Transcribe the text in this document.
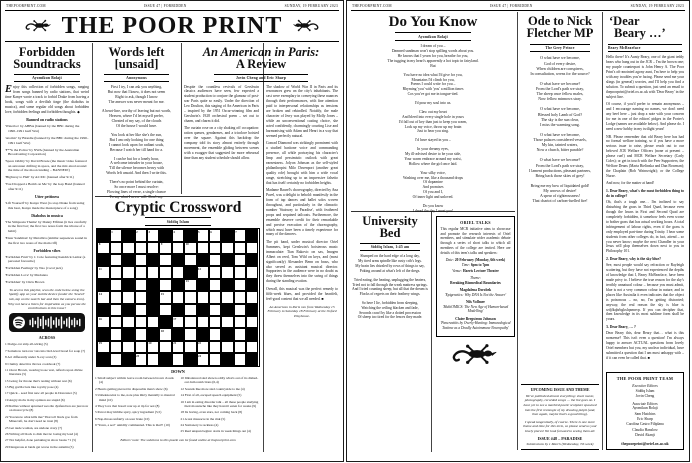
THEPOORPRINT.COM	ISSUE 47 | FORBIDDEN	SUNDAY, 19 FEBRUARY 2023
THE POOR PRINT
Forbidden Soundtracks
Ayomikun Bolaji
Enjoy this collection of forbidden songs, ranging from songs banned by radio stations, that weird time Kanye wrote a track to forbid Drake from having a hook, songs with a devilish tinge (the diabolus in musica), and some regular old songs about forbidden love, forbidden feelings and forbidden thoughts. ◆
Banned on radio stations
'Waterloo' by ABBA (banned by the BBC during the 1990–1991 Gulf War)
'Atomic' by Blondie (banned by the BBC during the 1990–1991 Gulf War)
'F**k tha Police' by NWA (banned by the Australian Broadcasting Corporation)
'Space Oddity' by David Bowie (the music video featured an astronaut drifting in space, and the mix aired around the time of the moon landing – BANNED!)
'Highway to Hell' by AC/DC (banned after 9/11)
'You Dropped a Bomb on Me' by the Gap Band (banned after 9/11)
Utter pettiness
'Lift Yourself' by Kanye West (to stop Drake from using this beat, Kanye made the masterpiece of a song)
Diabolus in musica
'The Simpsons Theme' by Danny Elfman (it lies carefully in the first bar; the first two notes form the tritone of a habit)
'Enter Sandman' by Metallica (similar sequences sound in the first two notes of the main riff)
Forbidden vibes
'Forbidden Fruit' by J. Cole featuring Kendrick Lamar (a personal favourite)
'Forbidden Feelings' by Nao (vocal jazz)
'Forbidden Love' by Madonna
'Forbidden' by Chris Brown
To access this playlist, scan the code below using the Spotify app on your mobile device (under the 'Search' tab, tap on the search bar and then the camera icon). Why not have a listen for inspiration as you peruse the contributions in this issue?
ACROSS
1 Dodge-car strip all-wiring (5)
7 Somehow turn raw vats into bird-level bread for soup (7)
8 Act differently under X-ray scan (3)
9 Clumsy detective throws cookbook (7)
11 Oscar Brown, wearing loose vest, reflects upon divine literature (5)
13 Going for throne that's resting without rest (6)
15 Big gorilla bats like royalty pose (4)
17 Quick – seed first new all people in Doncaster (5)
19 Angry mobs in my opinion are stupid (6)
20 Rallies without upturned wet-tile dysfunction are just now on motorcycle (8)
22 You know what kills me? That toll black goo from Minecraft, he don't need no trust (8)
23 Get nude woman, are undone crazy (7)
26 Writing all black to dish movie: losing my lead (4)
27 Not helpful, done partaking in show beans +1 (5)
29 Dangerous at lands get worse in the autumn (5)
Words left [unsaid]
Anonymous
First I try, I can ask you anything,
But now that I know, it does not seem
Right to ask, though I know
The answer was never meant for me.
A heart-line, worthy of leaving but not worth,
Heaven, where I'd let myself prefer,
Cheated of my say, of the clouds
Of the house I would have.
You look at her like she's the sun,
But I am only looking for one thing
I cannot look upon for radiant souls,
Because I watch her till hand for a.
I can be but for a lonely hour,
A welcome intruder in your house,
'Till the silence becomes heavy with
Words left unsaid. And then I write this.
There's no point behind the curtain,
So once more I must resolve:
Flowing lines of verse, a single chance
To say what I never will. Don't say.
An American in Paris:
A Review
Jovin Cheng and Eric Sharp
Despite the countless revivals of Gershwin classics audiences have seen, few expected a student production to conjure the glamour of post-war Paris quite so easily. Under the direction of Leo Doulton, this staging of An American in Paris – inspired by the 1951 Oscar-winning film and Gershwin's 1928 orchestral poem – set out to charm, and charm it did.
The curtain rose on a city shaking off occupation: ration queues, gendarmes, and a tricolore hoisted over the square. Against this backdrop the company told its story almost entirely through movement, the ensemble gliding between scenes with a swagger that suggested far more rehearsal time than any student schedule should allow.
The shadow of World War II in Paris and its resonances grew on the city's inhabitants. The cast were exemplary in conveying these nuances through their performances, with fine attention paid to interpersonal relationships as tensions are broken and rekindled. Notably, the male character of Jerry was played by Molly Jones – while an unconventional casting choice, she acted confidently, charmingly courting Lise and harmonising with Adam and Henri in a way that seemed perfectly natural.
Conrad Diamond was strikingly prominent with a studied baritone voice and commanding presence, all while portraying his character's limp and pessimistic outlook with great earnestness. Jolyon Johnson as the self-styled philanthropist Milo Davenport (another great quality role) brought with him a wide vocal range, stretching up to an impressive falsetto that has itself certainly no forbidden heights.
Madame Baurel's choreography, directed by Ana Pavel, was a delight to behold: manifestly in the form of tap dances and ballet solos woven throughout, and particularly in the climactic number 'Stairway to Paradise', with feathered props and sequined tailcoats. Furthermore, the ensemble deserve credit for their remarkable and precise execution of the choreography, which must have been a timely experience for many of the dancers.
The pit band, under musical director Oriel Summers, kept Gershwin's boisterous music immaculate: Tian Rakovic on sax, Imogen Albert on reed, Tom Wild on keys, and (most significantly) Alexander Benn on brass, who also served as assistant musical director. Supporters in the audience were in no doubt as they threw themselves into the swing of things during the standing ovation.
Overall, this musical was the perfect remedy to fifth-week blues, and provided the heartfelt, feel-good content that we all needed. ■
An American in Paris ran from Wednesday 15 February to Saturday 18 February at the Oxford Playhouse.
Cryptic Crossword
Siddiq Islam
1	2	3	4	5	6	7
8	9	10
11	12
13
14	15
16	17
18
19	20	21	22
23	24
DOWN
1 Small subject within: leave room between brown clouds (4)
2 Hearts getting pierced in disposable man's show (6)
3 Unbeknownst to me, note plus thirty mentally to musical mind (10)
4 They love that bread: rear up at tip for sex (8)
5 Parrot may imbibe spicy, spicy ingredient (5,5)
6 Nap-throes unfairly on sour brute (10)
9 'Yawn, a sec!' untidily commented. This is that?! (10)
10 Imbalanced sled shown oddly what's out of its dished-out dam restrictions (6,4)
12 Sounds like more sled countryside to me (4)
14 First of all, escaped speech equipment (5)
16 I am in eating disorder talk – all these people studying their moustache like they haven't eaten for weeks (9)
18 Its boring, even stars, not coming back (8)
21 A test massacre in the rink (5)
24 Stationery is reckless (4)
25 Reel unspun begins: starts in week things out (4)
Editors' note: The solutions to this puzzle can be found online at thepoorprint.com
THEPOORPRINT.COM	ISSUE 47 | FORBIDDEN	SUNDAY, 19 FEBRUARY 2023
Do You Know
Ayomikun Bolaji
I dream of you –
Damned sandman won't stop spilling words about you.
He knows that I yearn for you, breathe for you,
The tugging in my heart's apparently a hot topic in fairyland.
But
You have no idea what I'd give for you,
Mountains I'd climb for you,
Poems I could write for you –
Rhyming 'you' with 'you' a million times
Cos you've got me in tongue-tied.
I'd pour my soul into us.
Claw out my heart
And bleed into every single hole in yours
I'd fall out of key than just to keep you warm,
Lock up my voice, throw up my brain
Just to hear you sing.
I'd have stayed in you –
In your dreamy eyes,
My ill-advised desire to be your side,
Your warm embrace around my waist,
Hollow where the girl once laid.
Your silky voice,
Washing over me, like a thousand drops
Of dopamine
And promises
Of you and I,
Of inner light and unloved.
Do you know
I dread the day I meet you!
University Bed
Siddiq Islam, 1:45 am
Slumped on the hard edge of a long day,
My tired arms spindle like rusty crib's legs.
My brain lies drizzled by rows of things to say,
Poking around at what's left of the dregs.
Tried eating, the heating, unplugging the heaters,
Tried not to fall through the weak mattress springs.
And I tried counting sheep, but all that the dream is
Flocks of regrets on their feathery wings.
So here I lie, forbidden from sleeping,
Watching the ceiling blacken and fade,
Seconds crawl by like a dotted procession
Of sheep too tired for the fences they made.
ORIEL TALKS
This regular MCR initiative aims to showcase and promote the research interests of Oriel members, and stimulate wider academic debate through a series of short talks to which all members of the college are invited. Here are details of this term's talks and speakers:
Date: 20 February (Monday, 6th week)
Time: 6pm to 7pm
Venue: Harris Lecture Theatre
Theme:
Breaking Biomedical Boundaries
Magdalena Dorobek
'Epigenetics: Why DNA Is Not the Answer'
Nils Vollmer
'MultiOMICS: The New Age of Human-based Modelling'
Claire Bergstrom Johnson
'Pancreatitis by Overly-Hunting: Immunological Teatime as a Deadly Autoimmune Neuropathy'
Ode to Nick Fletcher MP
The Grey Prince
O what have we become,
God of every desire,
When children are conspirers,
In consultation, wrens for the source?
O what have we become?
From the Lord's path we stray,
The sheep once fellow males,
Now fellow minnows stray.
O what have we become,
Blessed holy Lamb of God?
The sky is the sun clear,
I miss the warming song.
O what have we become,
Those palaces considered vessels,
My kin, tainted waters,
Now a church, bitter parable?
O what have we become?
From the Lord's path we stray,
I lament productions, pleasant partners,
Bring back those skies of grey!
Bring me my bow of liquidated gold!
My arrows of desire!
A spear of righteousness!
That chariot of carbon-fuelled fire!
UPCOMING ISSUE AND THEME
We've published almost everything: sheet music, photography, recorded songs … the list goes on. I have yet to see a marbled poetic sculpture spawned into the first rectangle of my drawing pulpit (and, then again, maybe that's a good thing).
I speak tangentially, of course. There is one more theme and time for this term, so please send us your lovely pieces! We look forward to seeing them all.
ISSUE #48 – PARADISE
Submissions by 1 March (Wednesday, 7th week)
‘Dear
Beary …’
Beary McBearface
Hello there! It's Aunty Beary, one of the giant teddy bears who hang out in the JCR – I'm the brown one; my purple counterpart is John Henry A. The Poor Print's oft-anointed agony aunt, I'm here to help you with any troubles you're facing. Please send me your slings (in general) worries, and I'll help you find a solution. To submit a question, just send an email to thepoorprint@oriel.ox.ac.uk with 'Dear Beary' in the subject line.
Of course, if you'd prefer to remain anonymous – and I encourage naming no names, we don't need any beef here – just drop a note with your concern for me in one of the editors' pidges in the Porter's Lodge (names are available below). And please do. I need a new hobby in my twilight years!
NB. Please remember that old Beary here has had no formal welfare training, so if you have a more serious issue to raise, please reach out to our beloved JCR Welfare Officers (none at present – please run!) and MCR Welfare Secretary (Carly Coles); or get in touch with the Peer Supporters; the Welfare Deans (Marta Bielinska and Dan Bowman); the Chaplain (Rob Wainwright); or the College Nurse.
And now, for the matter at hand!
1. Dear Beary, what's the most forbidden thing to do in college?
Oh, that's a tough one… I'm inclined to say disturbing the grass in Third Quad, because even though the lawns in First and Second Quad are completely forbidden, it somehow feels even worse to bother grass that has actual working hours. A total infringement of labour rights, even if the grass is only employed part-time during Trinity. I hear some students from other colleges do, in fact, attend – so you never know; maybe the next Chandler in your Jesus will plop themselves down next to you in Philosophy 101.
2. Dear Beary, why is the sky blue?
See, most people would say refraction or Rayleigh scattering, but they have not experienced the depths of knowledge that I, Beary McBearface, have been made privy to. I believe the true reason for the sky's terribly unnatural colour – because you must admit, blue is not a very common colour in nature, and in places like Australia it even indicates that the object is poisonous – no, no, I'm getting distracted; anyway, the real reason the sky is blue is wdjfkqhrbgkxlqzmnvp. If you can decipher that, then knowledge in its most sublime form shall be yours.
3. Dear Beary, … ?
Dear Beary this, dear Beary that… what is this nonsense? This isn't even a question! I'm always happy to answer ACTUAL questions from lovely Oriel members but you, my unclear individual, have submitted a question that I am most unhappy with – if it can even be called that. ■
THE POOR PRINT TEAM
Executive Editors
Siddiq Islam
Jovin Cheng
Associate Editors
Ayomikun Bolaji
Sam Hutchins
Eric Sharp
Carolina Castro Filiplana
Claudia Hanslow
David Akanji
thepoorprint@oriel.ox.ac.uk
